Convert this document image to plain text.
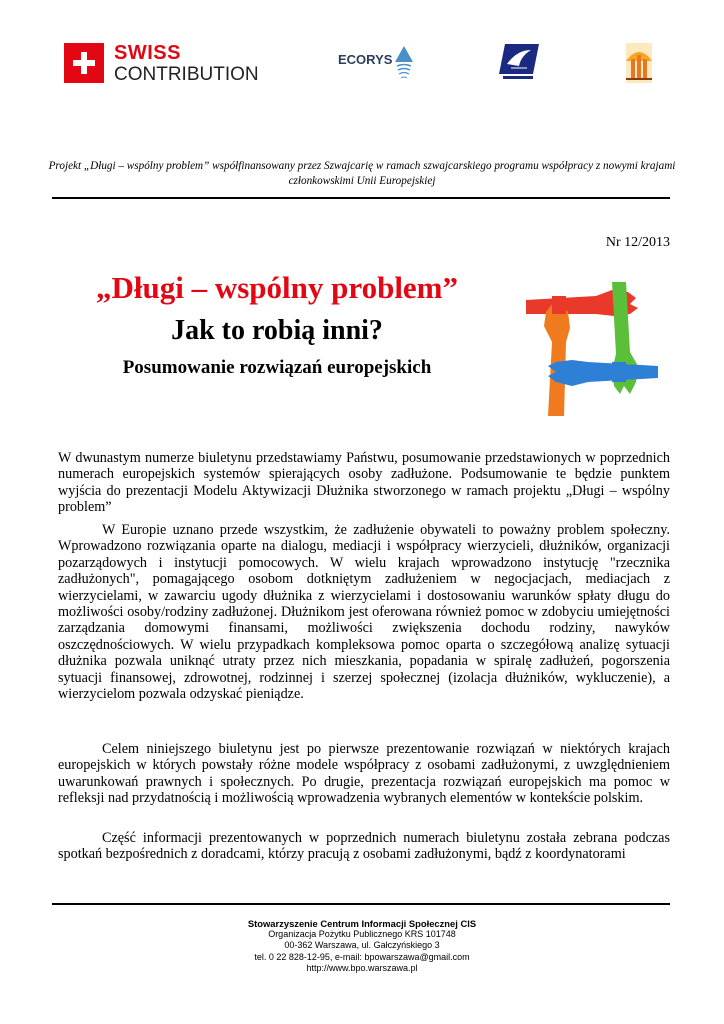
SWISS
CONTRIBUTION
ECORYS
Projekt „Długi – wspólny problem” współfinansowany przez Szwajcarię w ramach szwajcarskiego programu współpracy z nowymi krajami członkowskimi Unii Europejskiej
Nr 12/2013
„Długi – wspólny problem”
Jak to robią inni?
Posumowanie rozwiązań europejskich
W dwunastym numerze biuletynu przedstawiamy Państwu, posumowanie przedstawionych w poprzednich numerach europejskich systemów spierających osoby zadłużone. Podsumowanie te będzie punktem wyjścia do prezentacji Modelu Aktywizacji Dłużnika stworzonego w ramach projektu „Długi – wspólny problem”
W Europie uznano przede wszystkim, że zadłużenie obywateli to poważny problem społeczny. Wprowadzono rozwiązania oparte na dialogu, mediacji i współpracy wierzycieli, dłużników, organizacji pozarządowych i instytucji pomocowych. W wielu krajach wprowadzono instytucję "rzecznika zadłużonych", pomagającego osobom dotkniętym zadłużeniem w negocjacjach, mediacjach z wierzycielami, w zawarciu ugody dłużnika z wierzycielami i dostosowaniu warunków spłaty długu do możliwości osoby/rodziny zadłużonej. Dłużnikom jest oferowana również pomoc w zdobyciu umiejętności zarządzania domowymi finansami, możliwości zwiększenia dochodu rodziny, nawyków oszczędnościowych. W wielu przypadkach kompleksowa pomoc oparta o szczegółową analizę sytuacji dłużnika pozwala uniknąć utraty przez nich mieszkania, popadania w spiralę zadłużeń, pogorszenia sytuacji finansowej, zdrowotnej, rodzinnej i szerzej społecznej (izolacja dłużników, wykluczenie), a wierzycielom pozwala odzyskać pieniądze.
Celem niniejszego biuletynu jest po pierwsze prezentowanie rozwiązań w niektórych krajach europejskich w których powstały różne modele współpracy z osobami zadłużonymi, z uwzględnieniem uwarunkowań prawnych i społecznych. Po drugie, prezentacja rozwiązań europejskich ma pomoc w refleksji nad przydatnością i możliwością wprowadzenia wybranych elementów w kontekście polskim.
Część informacji prezentowanych w poprzednich numerach biuletynu została zebrana podczas spotkań bezpośrednich z doradcami, którzy pracują z osobami zadłużonymi, bądź z koordynatorami
Stowarzyszenie Centrum Informacji Społecznej CIS
Organizacja Pożytku Publicznego KRS 101748
00-362 Warszawa, ul. Gałczyńskiego 3
tel. 0 22 828-12-95, e-mail: bpowarszawa@gmail.com
http://www.bpo.warszawa.pl
